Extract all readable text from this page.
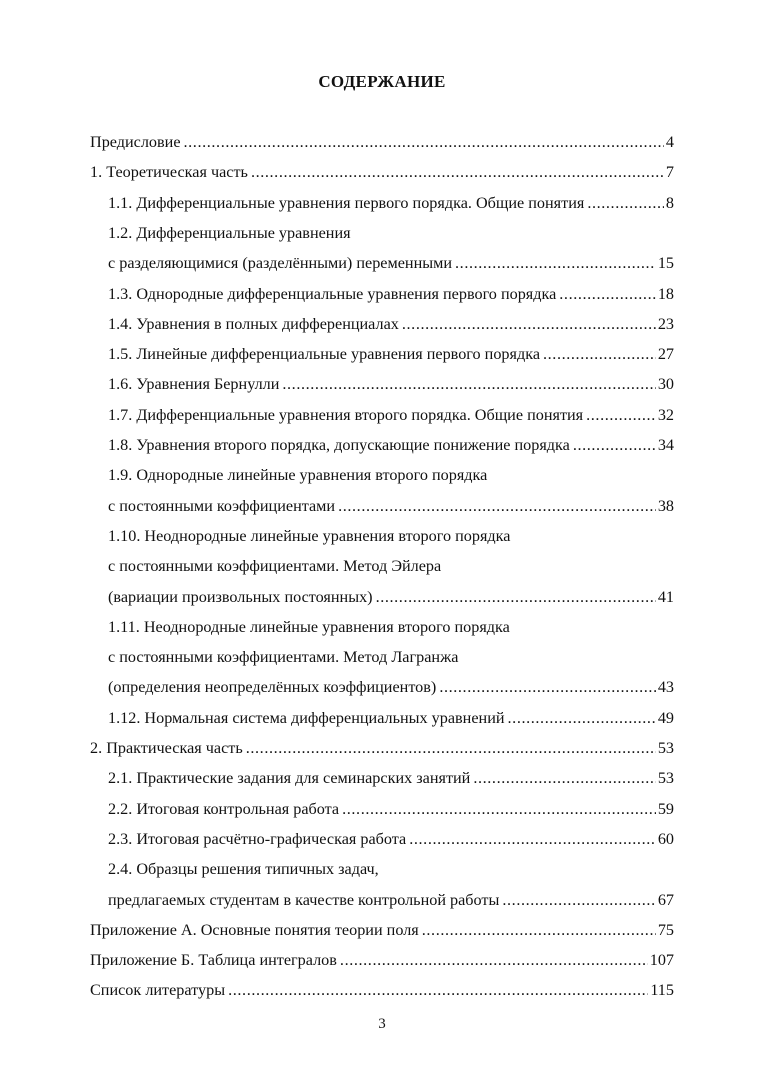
СОДЕРЖАНИЕ
Предисловие .....	4
1. Теоретическая часть .....	7
1.1. Дифференциальные уравнения первого порядка. Общие понятия .....	8
1.2. Дифференциальные уравнения
с разделяющимися (разделёнными) переменными .....	15
1.3. Однородные дифференциальные уравнения первого порядка .....	18
1.4. Уравнения в полных дифференциалах .....	23
1.5. Линейные дифференциальные уравнения первого порядка .....	27
1.6. Уравнения Бернулли .....	30
1.7. Дифференциальные уравнения второго порядка. Общие понятия .....	32
1.8. Уравнения второго порядка, допускающие понижение порядка .....	34
1.9. Однородные линейные уравнения второго порядка
с постоянными коэффициентами .....	38
1.10. Неоднородные линейные уравнения второго порядка
с постоянными коэффициентами. Метод Эйлера
(вариации произвольных постоянных) .....	41
1.11. Неоднородные линейные уравнения второго порядка
с постоянными коэффициентами. Метод Лагранжа
(определения неопределённых коэффициентов) .....	43
1.12. Нормальная система дифференциальных уравнений .....	49
2. Практическая часть .....	53
2.1. Практические задания для семинарских занятий .....	53
2.2. Итоговая контрольная работа .....	59
2.3. Итоговая расчётно-графическая работа .....	60
2.4. Образцы решения типичных задач,
предлагаемых студентам в качестве контрольной работы .....	67
Приложение А. Основные понятия теории поля .....	75
Приложение Б. Таблица интегралов .....	107
Список литературы .....	115
3
